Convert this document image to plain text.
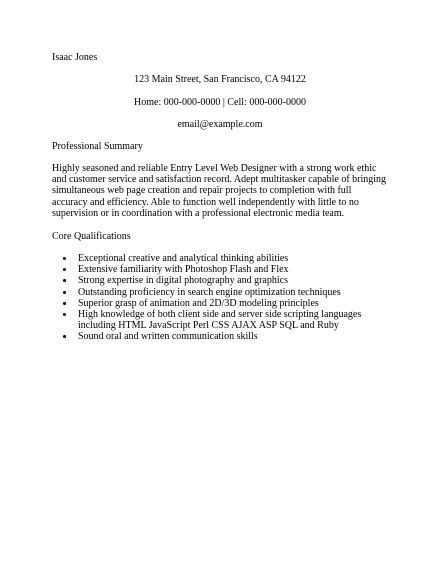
Isaac Jones
123 Main Street, San Francisco, CA 94122
Home: 000-000-0000 | Cell: 000-000-0000
email@example.com
Professional Summary
Highly seasoned and reliable Entry Level Web Designer with a strong work ethic
and customer service and satisfaction record. Adept multitasker capable of bringing
simultaneous web page creation and repair projects to completion with full
accuracy and efficiency. Able to function well independently with little to no
supervision or in coordination with a professional electronic media team.
Core Qualifications
Exceptional creative and analytical thinking abilities
Extensive familiarity with Photoshop Flash and Flex
Strong expertise in digital photography and graphics
Outstanding proficiency in search engine optimization techniques
Superior grasp of animation and 2D/3D modeling principles
High knowledge of both client side and server side scripting languages
including HTML JavaScript Perl CSS AJAX ASP SQL and Ruby
Sound oral and written communication skills
